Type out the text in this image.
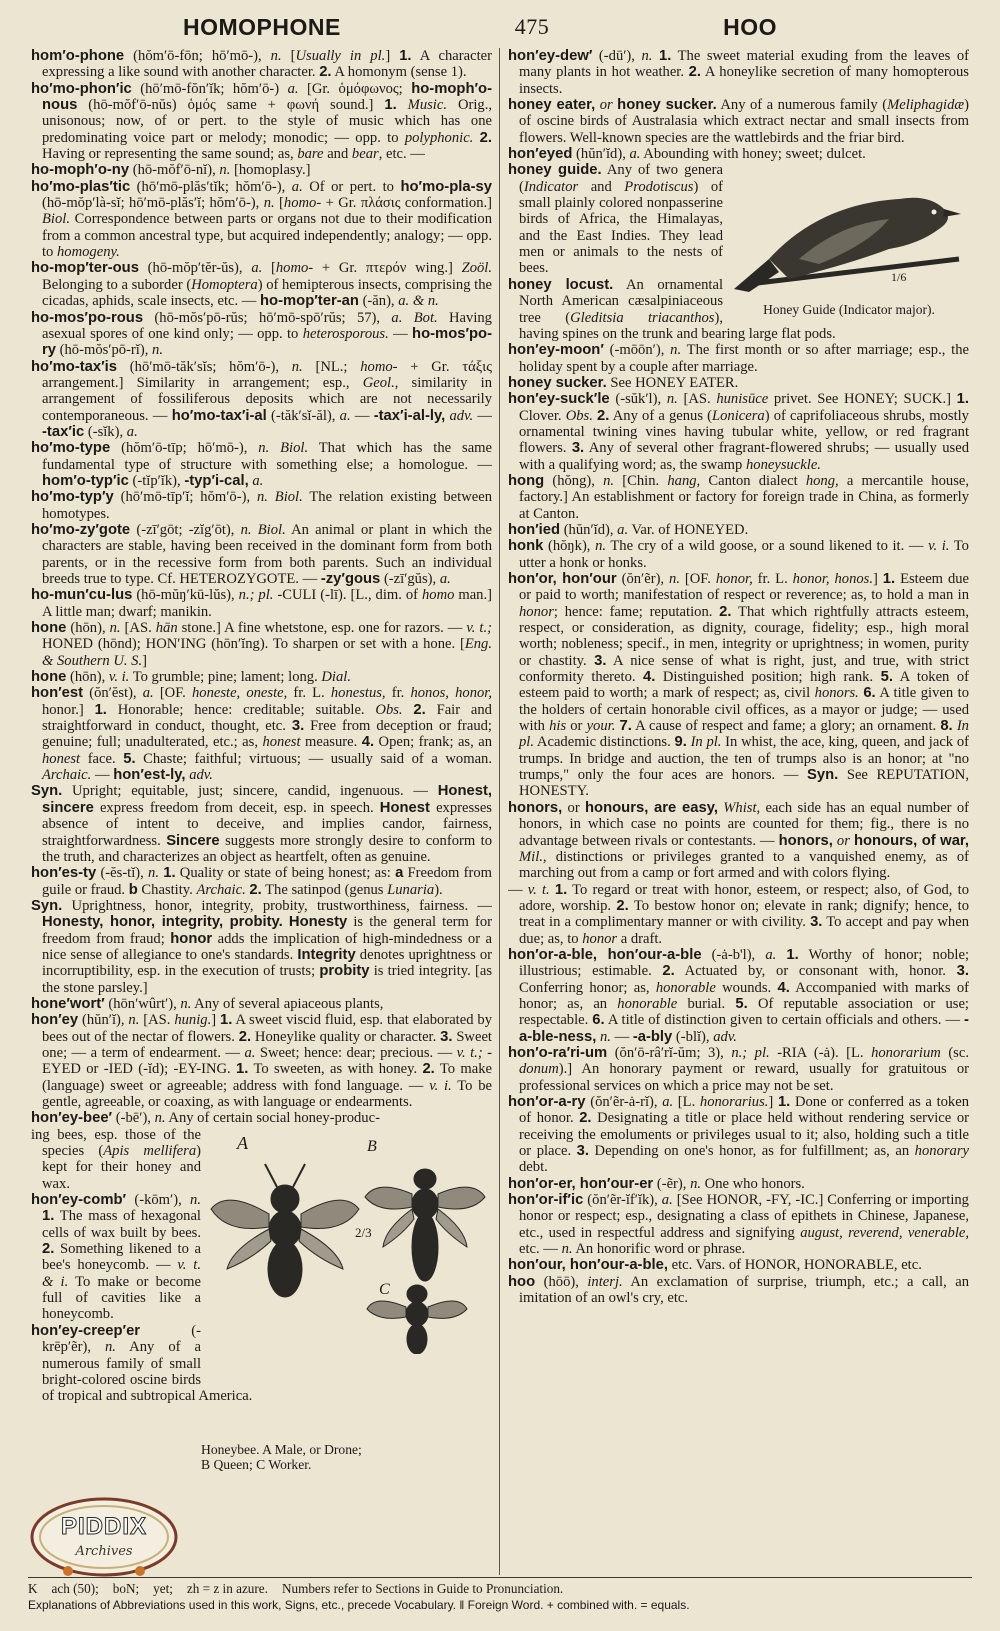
HOMOPHONE	475	HOO

hom′o-phone (hŏm′ō-fōn; hō′mō-), n. [Usually in pl.] 1. A character expressing a like sound with another character. 2. A homonym (sense 1).

ho′mo-phon′ic (hō′mō-fŏn′ĭk; hŏm′ō-) a. [Gr. ὁμόφωνος; ho-moph′o-nous (hō-mŏf′ō-nŭs) ὁμός same + φωνή sound.] 1. Music. Orig., unisonous; now, of or pert. to the style of music which has one predominating voice part or melody; monodic; — opp. to polyphonic. 2. Having or representing the same sound; as, bare and bear, etc. —

ho-moph′o-ny (hō-mŏf′ō-nĭ), n. [homoplasy.]

ho′mo-plas′tic (hō′mō-plăs′tĭk; hŏm′ō-), a. Of or pert. to ho′mo-pla-sy (hō-mŏp′là-sĭ; hō′mō-plăs′ĭ; hŏm′ō-), n. [homo- + Gr. πλάσις conformation.] Biol. Correspondence between parts or organs not due to their modification from a common ancestral type, but acquired independently; analogy; — opp. to homogeny.

ho-mop′ter-ous (hō-mŏp′tĕr-ŭs), a. [homo- + Gr. πτερόν wing.] Zoöl. Belonging to a suborder (Homoptera) of hemipterous insects, comprising the cicadas, aphids, scale insects, etc. — ho-mop′ter-an (-ăn), a. & n.

ho-mos′po-rous (hō-mŏs′pō-rŭs; hō′mō-spō′rŭs; 57), a. Bot. Having asexual spores of one kind only; — opp. to heterosporous. — ho-mos′po-ry (hō-mŏs′pō-rĭ), n.

ho′mo-tax′is (hō′mō-tăk′sĭs; hŏm′ō-), n. [NL.; homo- + Gr. τάξις arrangement.] Similarity in arrangement; esp., Geol., similarity in arrangement of fossiliferous deposits which are not necessarily contemporaneous. — ho′mo-tax′i-al (-tăk′sĭ-ăl), a. — -tax′i-al-ly, adv. — -tax′ic (-sĭk), a.

ho′mo-type (hŏm′ō-tīp; hō′mō-), n. Biol. That which has the same fundamental type of structure with something else; a homologue. — hom′o-typ′ic (-tĭp′ĭk), -typ′i-cal, a.

ho′mo-typ′y (hō′mō-tīp′ĭ; hŏm′ō-), n. Biol. The relation existing between homotypes.

ho′mo-zy′gote (-zī′gōt; -zĭg′ōt), n. Biol. An animal or plant in which the characters are stable, having been received in the dominant form from both parents, or in the recessive form from both parents. Such an individual breeds true to type. Cf. HETEROZYGOTE. — -zy′gous (-zī′gŭs), a.

ho-mun′cu-lus (hō-mŭŋ′kū-lŭs), n.; pl. -CULI (-lī). [L., dim. of homo man.] A little man; dwarf; manikin.

hone (hōn), n. [AS. hān stone.] A fine whetstone, esp. one for razors. — v. t.; HONED (hōnd); HON′ING (hōn′ĭng). To sharpen or set with a hone. [Eng. & Southern U. S.]

hone (hōn), v. i. To grumble; pine; lament; long. Dial.

hon′est (ŏn′ĕst), a. [OF. honeste, oneste, fr. L. honestus, fr. honos, honor, honor.] 1. Honorable; hence: creditable; suitable. Obs. 2. Fair and straightforward in conduct, thought, etc. 3. Free from deception or fraud; genuine; full; unadulterated, etc.; as, honest measure. 4. Open; frank; as, an honest face. 5. Chaste; faithful; virtuous; — usually said of a woman. Archaic. — hon′est-ly, adv.

Syn. Upright; equitable, just; sincere, candid, ingenuous. — Honest, sincere express freedom from deceit, esp. in speech. Honest expresses absence of intent to deceive, and implies candor, fairness, straightforwardness. Sincere suggests more strongly desire to conform to the truth, and characterizes an object as heartfelt, often as genuine.

hon′es-ty (-ĕs-tĭ), n. 1. Quality or state of being honest; as: a Freedom from guile or fraud. b Chastity. Archaic. 2. The satinpod (genus Lunaria).

Syn. Uprightness, honor, integrity, probity, trustworthiness, fairness. — Honesty, honor, integrity, probity. Honesty is the general term for freedom from fraud; honor adds the implication of high-mindedness or a nice sense of allegiance to one's standards. Integrity denotes uprightness or incorruptibility, esp. in the execution of trusts; probity is tried integrity. [as the stone parsley.]

hone′wort′ (hōn′wûrt′), n. Any of several apiaceous plants,

hon′ey (hŭn′ĭ), n. [AS. hunig.] 1. A sweet viscid fluid, esp. that elaborated by bees out of the nectar of flowers. 2. Honeylike quality or character. 3. Sweet one; — a term of endearment. — a. Sweet; hence: dear; precious. — v. t.; -EYED or -IED (-ĭd); -EY-ING. 1. To sweeten, as with honey. 2. To make (language) sweet or agreeable; address with fond language. — v. i. To be gentle, agreeable, or coaxing, as with language or endearments.

hon′ey-bee′ (-bē′), n. Any of certain social honey-produc-

A	B
C
2/3

ing bees, esp. those of the species (Apis mellifera) kept for their honey and wax.

hon′ey-comb′ (-kōm′), n. 1. The mass of hexagonal cells of wax built by bees. 2. Something likened to a bee's honeycomb. — v. t. & i. To make or become full of cavities like a honeycomb.

hon′ey-creep′er (-krēp′ẽr), n. Any of a numerous family of small bright-colored oscine birds of tropical and subtropical America.

Honeybee. A Male, or Drone; B Queen; C Worker.

hon′ey-dew′ (-dū′), n. 1. The sweet material exuding from the leaves of many plants in hot weather. 2. A honeylike secretion of many homopterous insects.

honey eater, or honey sucker. Any of a numerous family (Meliphagidæ) of oscine birds of Australasia which extract nectar and small insects from flowers. Well-known species are the wattlebirds and the friar bird.

hon′eyed (hŭn′ĭd), a. Abounding with honey; sweet; dulcet.

1/6
Honey Guide (Indicator major).

honey guide. Any of two genera (Indicator and Prodotiscus) of small plainly colored nonpasserine birds of Africa, the Himalayas, and the East Indies. They lead men or animals to the nests of bees.

honey locust. An ornamental North American cæsalpiniaceous tree (Gleditsia triacanthos), having spines on the trunk and bearing large flat pods.

hon′ey-moon′ (-mōōn′), n. The first month or so after marriage; esp., the holiday spent by a couple after marriage.

honey sucker. See HONEY EATER.

hon′ey-suck′le (-sŭk′l), n. [AS. hunisūce privet. See HONEY; SUCK.] 1. Clover. Obs. 2. Any of a genus (Lonicera) of caprifoliaceous shrubs, mostly ornamental twining vines having tubular white, yellow, or red fragrant flowers. 3. Any of several other fragrant-flowered shrubs; — usually used with a qualifying word; as, the swamp honeysuckle.

hong (hŏng), n. [Chin. hang, Canton dialect hong, a mercantile house, factory.] An establishment or factory for foreign trade in China, as formerly at Canton.

hon′ied (hŭn′ĭd), a. Var. of HONEYED.

honk (hŏŋk), n. The cry of a wild goose, or a sound likened to it. — v. i. To utter a honk or honks.

hon′or, hon′our (ŏn′ẽr), n. [OF. honor, fr. L. honor, honos.] 1. Esteem due or paid to worth; manifestation of respect or reverence; as, to hold a man in honor; hence: fame; reputation. 2. That which rightfully attracts esteem, respect, or consideration, as dignity, courage, fidelity; esp., high moral worth; nobleness; specif., in men, integrity or uprightness; in women, purity or chastity. 3. A nice sense of what is right, just, and true, with strict conformity thereto. 4. Distinguished position; high rank. 5. A token of esteem paid to worth; a mark of respect; as, civil honors. 6. A title given to the holders of certain honorable civil offices, as a mayor or judge; — used with his or your. 7. A cause of respect and fame; a glory; an ornament. 8. In pl. Academic distinctions. 9. In pl. In whist, the ace, king, queen, and jack of trumps. In bridge and auction, the ten of trumps also is an honor; at "no trumps," only the four aces are honors. — Syn. See REPUTATION, HONESTY.

honors, or honours, are easy, Whist, each side has an equal number of honors, in which case no points are counted for them; fig., there is no advantage between rivals or contestants. — honors, or honours, of war, Mil., distinctions or privileges granted to a vanquished enemy, as of marching out from a camp or fort armed and with colors flying.

— v. t. 1. To regard or treat with honor, esteem, or respect; also, of God, to adore, worship. 2. To bestow honor on; elevate in rank; dignify; hence, to treat in a complimentary manner or with civility. 3. To accept and pay when due; as, to honor a draft.

hon′or-a-ble, hon′our-a-ble (-ȧ-b'l), a. 1. Worthy of honor; noble; illustrious; estimable. 2. Actuated by, or consonant with, honor. 3. Conferring honor; as, honorable wounds. 4. Accompanied with marks of honor; as, an honorable burial. 5. Of reputable association or use; respectable. 6. A title of distinction given to certain officials and others. — -a-ble-ness, n. — -a-bly (-blĭ), adv.

hon′o-ra′ri-um (ŏn′ō-râ′rĭ-ŭm; 3), n.; pl. -RIA (-ȧ). [L. honorarium (sc. donum).] An honorary payment or reward, usually for gratuitous or professional services on which a price may not be set.

hon′or-a-ry (ŏn′ẽr-ȧ-rĭ), a. [L. honorarius.] 1. Done or conferred as a token of honor. 2. Designating a title or place held without rendering service or receiving the emoluments or privileges usual to it; also, holding such a title or place. 3. Depending on one's honor, as for fulfillment; as, an honorary debt.

hon′or-er, hon′our-er (-ẽr), n. One who honors.

hon′or-if′ic (ŏn′ẽr-ĭf′ĭk), a. [See HONOR, -FY, -IC.] Conferring or importing honor or respect; esp., designating a class of epithets in Chinese, Japanese, etc., used in respectful address and signifying august, reverend, venerable, etc. — n. An honorific word or phrase.

hon′our, hon′our-a-ble, etc. Vars. of HONOR, HONORABLE, etc.

hoo (hōō), interj. An exclamation of surprise, triumph, etc.; a call, an imitation of an owl's cry, etc.

K ach (50); boN; yet; zh = z in azure. Numbers refer to Sections in Guide to Pronunciation.
Explanations of Abbreviations used in this work, Signs, etc., precede Vocabulary. ‖ Foreign Word. + combined with. = equals.
PIDDIX
Archives
